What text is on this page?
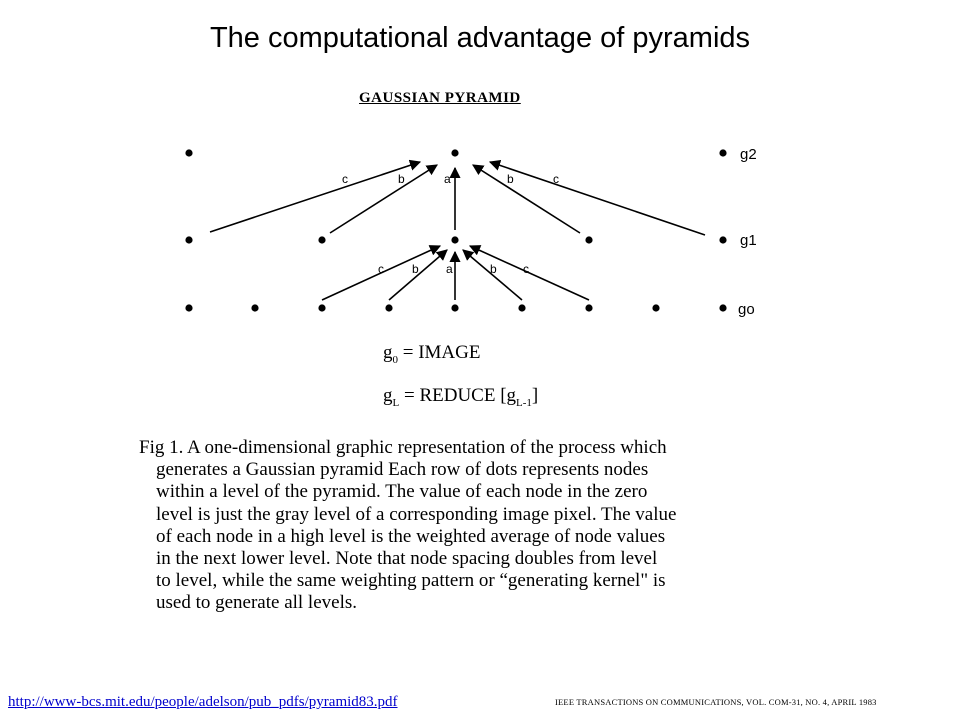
The computational advantage of pyramids
GAUSSIAN PYRAMID
c	b	a	b	c
c b a	b c
g2
g1
go
$g_0$ = IMAGE
$g_L$ = REDUCE $[g_{L-1}]$
Fig 1. A one-dimensional graphic representation of the process which
generates a Gaussian pyramid Each row of dots represents nodes
within a level of the pyramid. The value of each node in the zero
level is just the gray level of a corresponding image pixel. The value
of each node in a high level is the weighted average of node values
in the next lower level. Note that node spacing doubles from level
to level, while the same weighting pattern or “generating kernel" is
used to generate all levels.
http://www-bcs.mit.edu/people/adelson/pub_pdfs/pyramid83.pdf	IEEE TRANSACTIONS ON COMMUNICATIONS, VOL. COM-31, NO. 4, APRIL 1983
